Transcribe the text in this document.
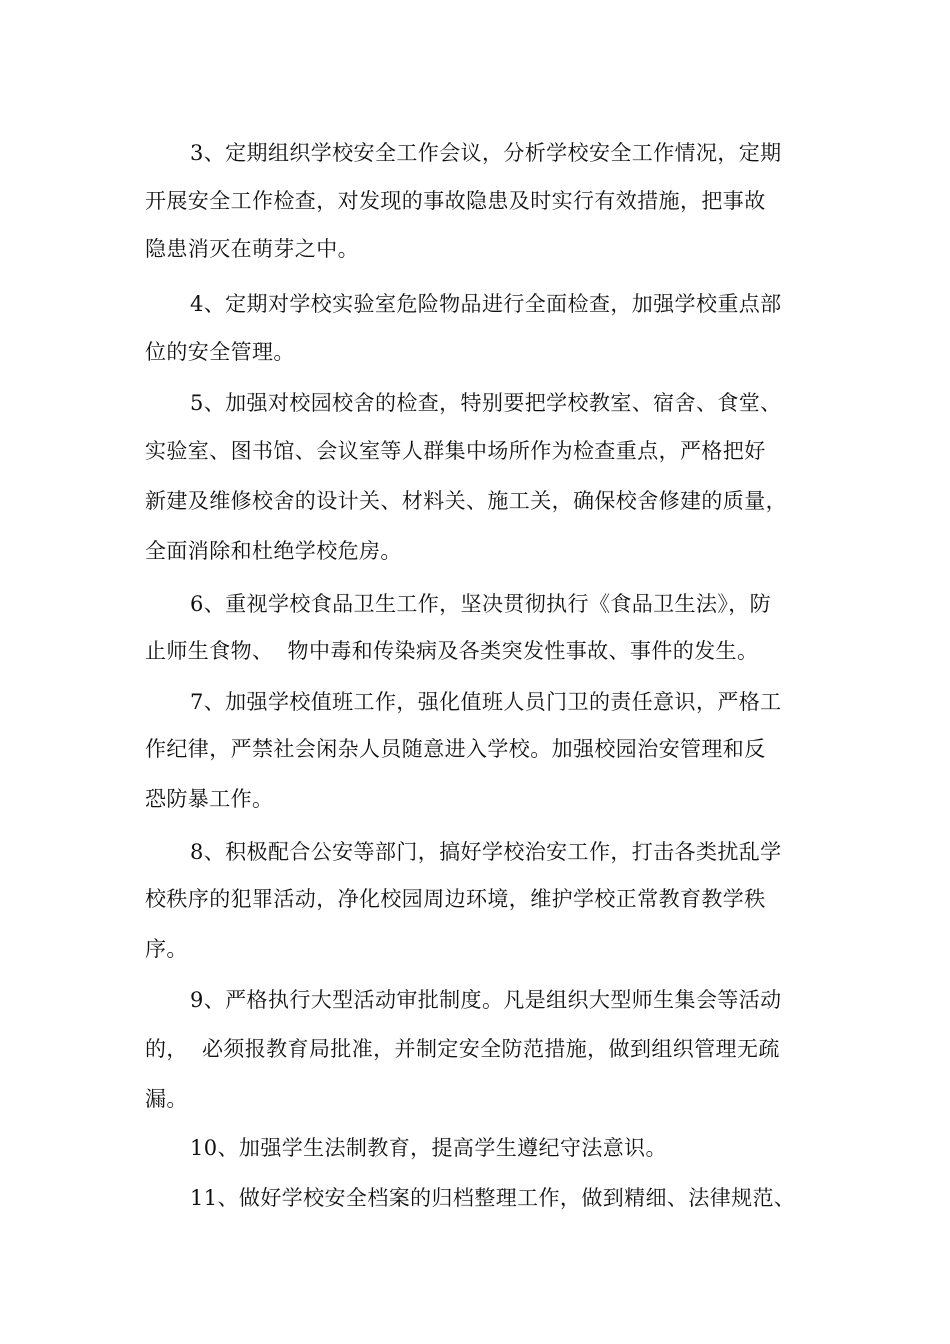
3、定期组织学校安全工作会议，分析学校安全工作情况，定期
开展安全工作检查，对发现的事故隐患及时实行有效措施，把事故
隐患消灭在萌芽之中。
4、定期对学校实验室危险物品进行全面检查，加强学校重点部
位的安全管理。
5、加强对校园校舍的检查，特别要把学校教室、宿舍、食堂、
实验室、图书馆、会议室等人群集中场所作为检查重点，严格把好
新建及维修校舍的设计关、材料关、施工关，确保校舍修建的质量，
全面消除和杜绝学校危房。
6、重视学校食品卫生工作，坚决贯彻执行《食品卫生法》，防
止师生食物、  物中毒和传染病及各类突发性事故、事件的发生。
7、加强学校值班工作，强化值班人员门卫的责任意识，严格工
作纪律，严禁社会闲杂人员随意进入学校。加强校园治安管理和反
恐防暴工作。
8、积极配合公安等部门，搞好学校治安工作，打击各类扰乱学
校秩序的犯罪活动，净化校园周边环境，维护学校正常教育教学秩
序。
9、严格执行大型活动审批制度。凡是组织大型师生集会等活动
的，  必须报教育局批准，并制定安全防范措施，做到组织管理无疏
漏。
10、加强学生法制教育，提高学生遵纪守法意识。
11、做好学校安全档案的归档整理工作，做到精细、法律规范、
